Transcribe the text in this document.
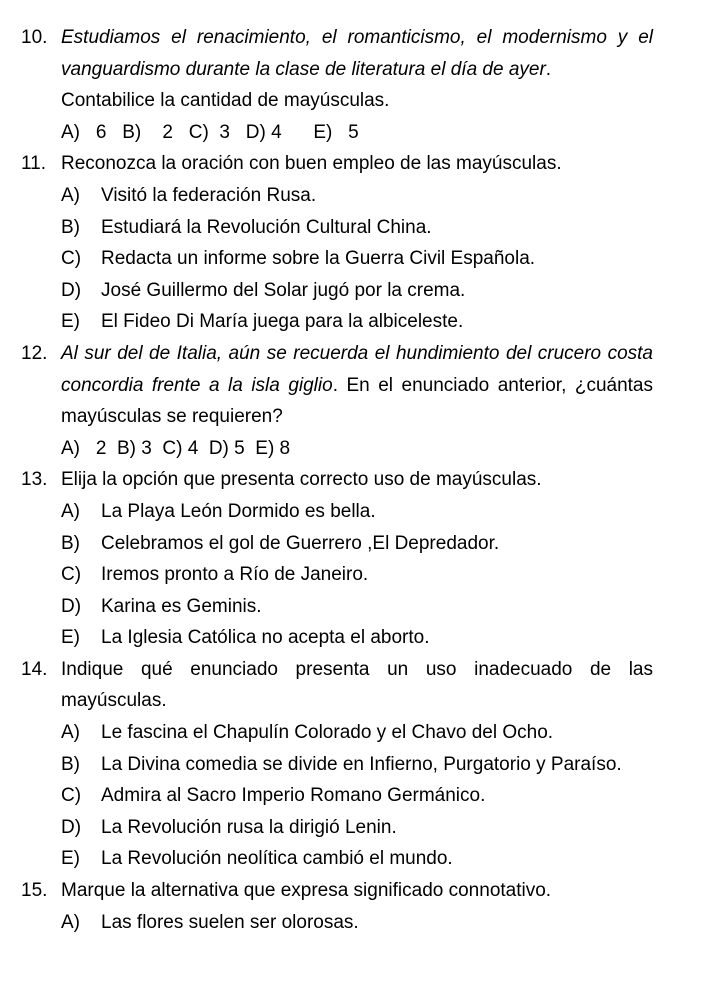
10. Estudiamos el renacimiento, el romanticismo, el modernismo y el vanguardismo durante la clase de literatura el día de ayer.
Contabilice la cantidad de mayúsculas.
A)   6   B)    2   C)  3   D) 4      E)   5
11. Reconozca la oración con buen empleo de las mayúsculas.
A) Visitó la federación Rusa.
B) Estudiará la Revolución Cultural China.
C) Redacta un informe sobre la Guerra Civil Española.
D) José Guillermo del Solar jugó por la crema.
E) El Fideo Di María juega para la albiceleste.
12. Al sur del de Italia, aún se recuerda el hundimiento del crucero costa concordia frente a la isla giglio. En el enunciado anterior, ¿cuántas mayúsculas se requieren?
A)   2  B) 3  C) 4  D) 5  E) 8
13. Elija la opción que presenta correcto uso de mayúsculas.
A) La Playa León Dormido es bella.
B) Celebramos el gol de Guerrero ,El Depredador.
C) Iremos pronto a Río de Janeiro.
D) Karina es Geminis.
E) La Iglesia Católica no acepta el aborto.
14. Indique qué enunciado presenta un uso inadecuado de las mayúsculas.
A) Le fascina el Chapulín Colorado y el Chavo del Ocho.
B) La Divina comedia se divide en Infierno, Purgatorio y Paraíso.
C) Admira al Sacro Imperio Romano Germánico.
D) La Revolución rusa la dirigió Lenin.
E) La Revolución neolítica cambió el mundo.
15. Marque la alternativa que expresa significado connotativo.
A) Las flores suelen ser olorosas.
